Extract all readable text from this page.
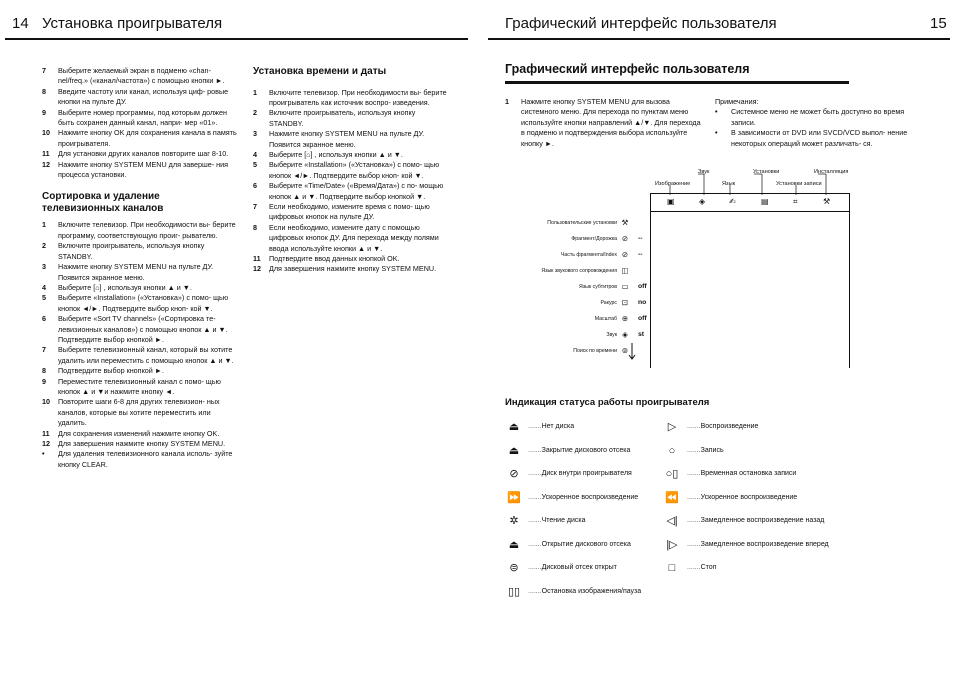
14 Установка проигрывателя	Графический интерфейс пользователя	15
7	Выберите желаемый экран в подменю «chan- nel/freq.» («канал/частота») с помощью кнопки ►.
8	Введите частоту или канал, используя циф- ровые кнопки на пульте ДУ.
9	Выберите номер программы, под которым должен быть сохранен данный канал, напри- мер «01».
10	Нажмите кнопку OK для сохранения канала в память проигрывателя.
11	Для установки других каналов повторите шаг 8-10.
12	Нажмите кнопку SYSTEM MENU для заверше- ния процесса установки.
Сортировка и удаление телевизионных каналов
1	Включите телевизор. При необходимости вы- берите программу, соответствующую проиг- рывателю.
2	Включите проигрыватель, используя кнопку STANDBY.
3	Нажмите кнопку SYSTEM MENU на пульте ДУ. Появится экранное меню.
4	Выберите [⌂] , используя кнопки ▲ и ▼.
5	Выберите «Installation» («Установка») с помо- щью кнопок ◄/►. Подтвердите выбор кноп- кой ▼.
6	Выберите «Sort TV channels» («Сортировка те- левизионных каналов») с помощью кнопок ▲ и ▼. Подтвердите выбор кнопкой ►.
7	Выберите телевизионный канал, который вы хотите удалить или переместить с помощью кнопок ▲ и ▼.
8	Подтвердите выбор кнопкой ►.
9	Переместите телевизионный канал с помо- щью кнопок ▲ и ▼и нажмите кнопку ◄.
10	Повторите шаги 6-8 для других телевизион- ных каналов, которые вы хотите переместить или удалить.
11	Для сохранения изменений нажмите кнопку OK.
12	Для завершения нажмите кнопку SYSTEM MENU.
•	Для удаления телевизионного канала исполь- зуйте кнопку CLEAR.
Установка времени и даты
1	Включите телевизор. При необходимости вы- берите проигрыватель как источник воспро- изведения.
2	Включите проигрыватель, используя кнопку STANDBY.
3	Нажмите кнопку SYSTEM MENU на пульте ДУ. Появится экранное меню.
4	Выберите [⌂] , используя кнопки ▲ и ▼.
5	Выберите «Installation» («Установка») с помо- щью кнопок ◄/►. Подтвердите выбор кноп- кой ▼.
6	Выберите «Time/Date» («Время/Дата») с по- мощью кнопок ▲ и ▼. Подтвердите выбор кнопкой ▼.
7	Если необходимо, измените время с помо- щью цифровых кнопок на пульте ДУ.
8	Если необходимо, измените дату с помощью цифровых кнопок ДУ. Для перехода между полями ввода используйте кнопки ▲ и ▼.
11	Подтвердите ввод данных кнопкой OK.
12	Для завершения нажмите кнопку SYSTEM MENU.
Графический интерфейс пользователя
1	Нажмите кнопку SYSTEM MENU для вызова системного меню. Для перехода по пунктам меню используйте кнопки направлений ▲/▼. Для перехода в подменю и подтверждения выбора используйте кнопку ►.
Примечания:
•	Системное меню не может быть доступно во время записи.
•	В зависимости от DVD или SVCD/VCD выпол- нение некоторых операций может различать- ся.
Звук	Установки	Инсталляция
Изображение	Язык	Установки записи
▣	◈	✍	▤	⌗	⚒
Пользовательские установки ⚒
Фрагмент/Дорожка ⊘ --
Часть фрагмента/Index ⊘ --
Язык звукового сопровождения ◫
Язык субтитров ▭ off
Ракурс ⊡ no
Масштаб ⊕ off
Звук ◈	st
Поиск по времени ⊚
Индикация статуса работы проигрывателя
⏏	.......Нет диска
⏏	.......Закрытие дискового отсека
⊘	.......Диск внутри проигрывателя
⏩	.......Ускоренное воспроизведение
✲	.......Чтение диска
⏏	.......Открытие дискового отсека
⊜	.......Дисковый отсек открыт
▯▯	.......Остановка изображения/пауза
▷	.......Воспроизведение
○	.......Запись
○▯	.......Временная остановка записи
⏪	.......Ускоренное воспроизведение
◁|	.......Замедленное воспроизведение назад
|▷	.......Замедленное воспроизведение вперед
□	.......Стоп
